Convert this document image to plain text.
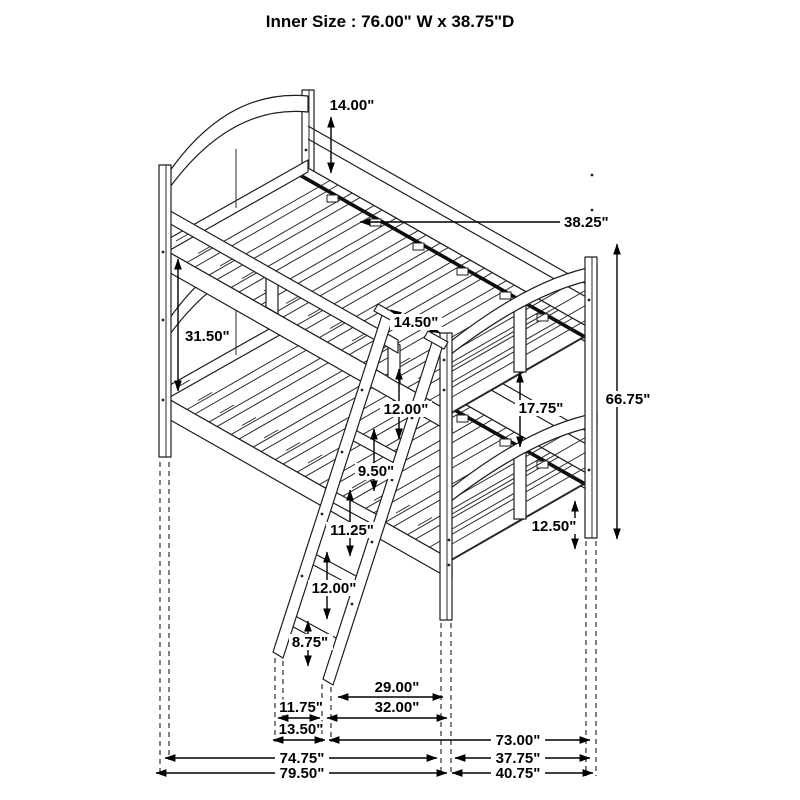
Inner Size : 76.00" W x 38.75"D
14.00"
38.25"
31.50"
14.50"
12.00"	17.75"
9.50"
11.25"
12.00"
8.75"
12.50"
66.75"
29.00"
11.75"	32.00"
13.50"
73.00"
74.75"	37.75"
79.50"	40.75"
